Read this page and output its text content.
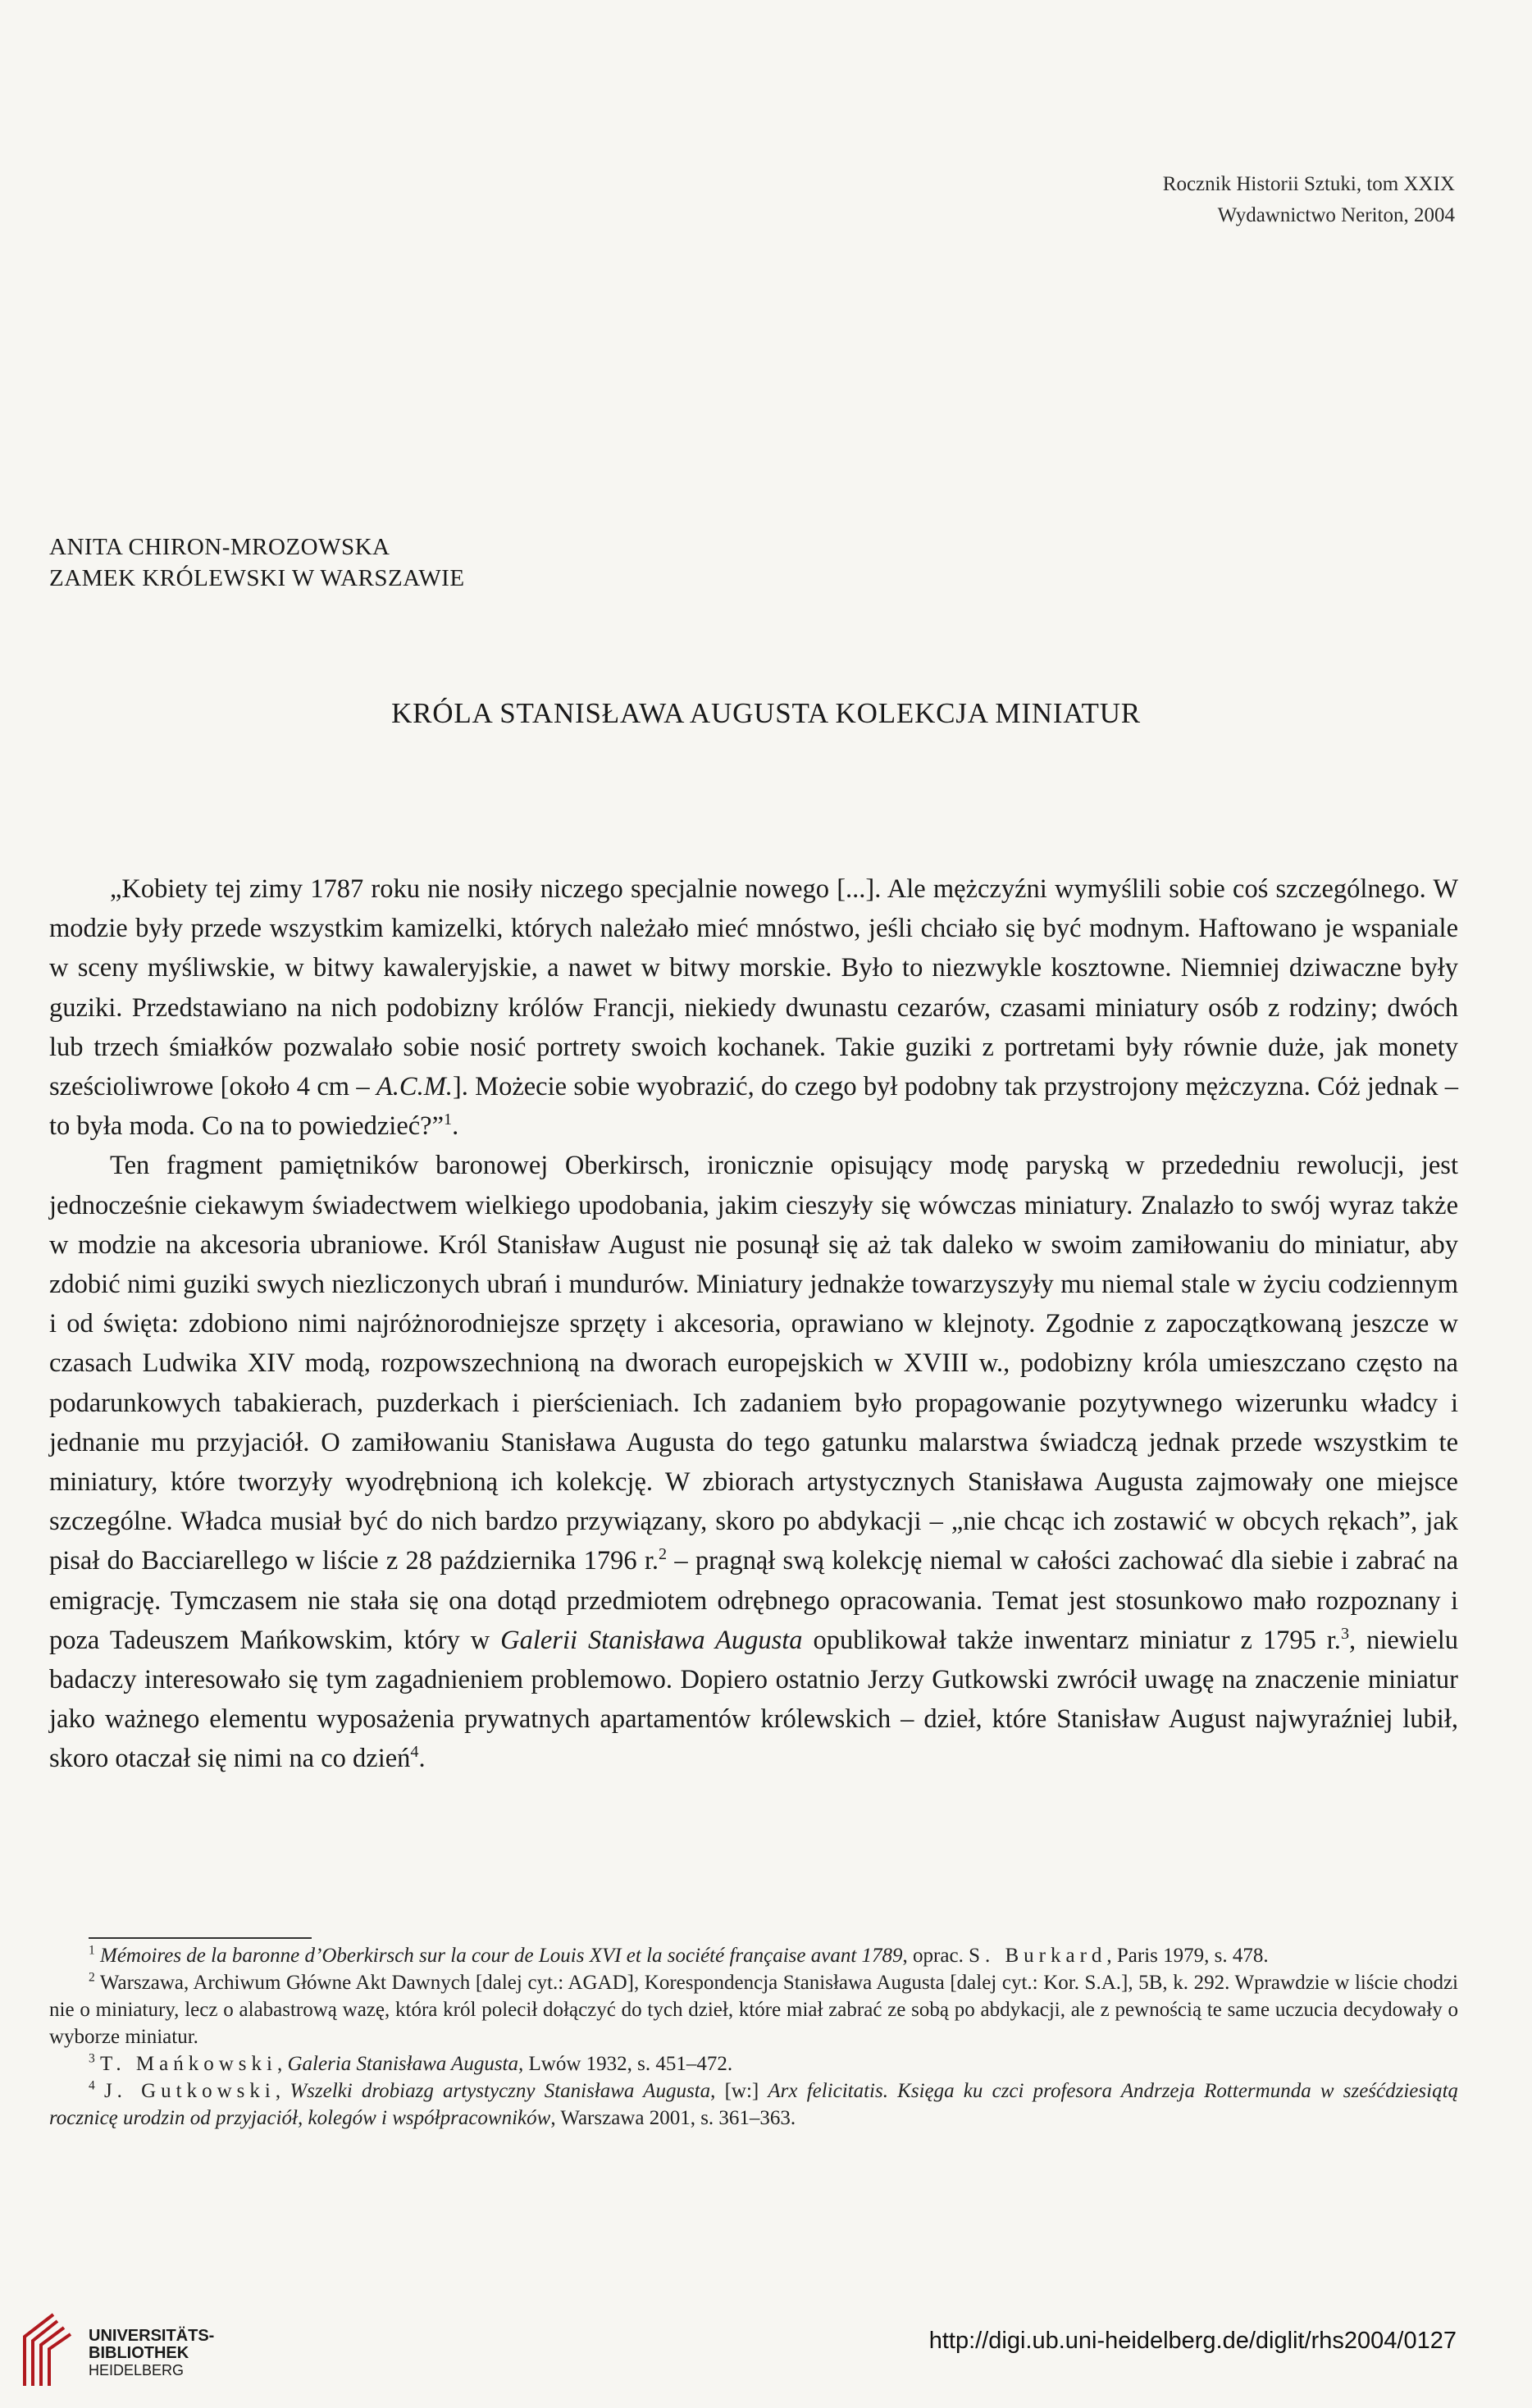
Rocznik Historii Sztuki, tom XXIX
Wydawnictwo Neriton, 2004
ANITA CHIRON-MROZOWSKA
ZAMEK KRÓLEWSKI W WARSZAWIE
KRÓLA STANISŁAWA AUGUSTA KOLEKCJA MINIATUR

„Kobiety tej zimy 1787 roku nie nosiły niczego specjalnie nowego [...]. Ale mężczyźni wymyślili sobie coś szczególnego. W modzie były przede wszystkim kamizelki, których należało mieć mnóstwo, jeśli chciało się być modnym. Haftowano je wspaniale w sceny myśliwskie, w bitwy kawaleryjskie, a nawet w bitwy morskie. Było to niezwykle kosztowne. Niemniej dziwaczne były guziki. Przedstawiano na nich podobizny królów Francji, niekiedy dwunastu cezarów, czasami miniatury osób z rodziny; dwóch lub trzech śmiałków pozwalało sobie nosić portrety swoich kochanek. Takie guziki z portretami były równie duże, jak monety sześcioliwrowe [około 4 cm – A.C.M.]. Możecie sobie wyobrazić, do czego był podobny tak przystrojony mężczyzna. Cóż jednak – to była moda. Co na to powiedzieć?”$^1$.

Ten fragment pamiętników baronowej Oberkirsch, ironicznie opisujący modę paryską w przededniu rewolucji, jest jednocześnie ciekawym świadectwem wielkiego upodobania, jakim cieszyły się wówczas miniatury. Znalazło to swój wyraz także w modzie na akcesoria ubraniowe. Król Stanisław August nie posunął się aż tak daleko w swoim zamiłowaniu do miniatur, aby zdobić nimi guziki swych niezliczonych ubrań i mundurów. Miniatury jednakże towarzyszyły mu niemal stale w życiu codziennym i od święta: zdobiono nimi najróżnorodniejsze sprzęty i akcesoria, oprawiano w klejnoty. Zgodnie z zapoczątkowaną jeszcze w czasach Ludwika XIV modą, rozpowszechnioną na dworach europejskich w XVIII w., podobizny króla umieszczano często na podarunkowych tabakierach, puzderkach i pierścieniach. Ich zadaniem było propagowanie pozytywnego wizerunku władcy i jednanie mu przyjaciół. O zamiłowaniu Stanisława Augusta do tego gatunku malarstwa świadczą jednak przede wszystkim te miniatury, które tworzyły wyodrębnioną ich kolekcję. W zbiorach artystycznych Stanisława Augusta zajmowały one miejsce szczególne. Władca musiał być do nich bardzo przywiązany, skoro po abdykacji – „nie chcąc ich zostawić w obcych rękach”, jak pisał do Bacciarellego w liście z 28 października 1796 r.$^2$ – pragnął swą kolekcję niemal w całości zachować dla siebie i zabrać na emigrację. Tymczasem nie stała się ona dotąd przedmiotem odrębnego opracowania. Temat jest stosunkowo mało rozpoznany i poza Tadeuszem Mańkowskim, który w Galerii Stanisława Augusta opublikował także inwentarz miniatur z 1795 r.$^3$, niewielu badaczy interesowało się tym zagadnieniem problemowo. Dopiero ostatnio Jerzy Gutkowski zwrócił uwagę na znaczenie miniatur jako ważnego elementu wyposażenia prywatnych apartamentów królewskich – dzieł, które Stanisław August najwyraźniej lubił, skoro otaczał się nimi na co dzień$^4$.

$^1$ Mémoires de la baronne d’Oberkirsch sur la cour de Louis XVI et la société française avant 1789, oprac. S. Burkard, Paris 1979, s. 478.

$^2$ Warszawa, Archiwum Główne Akt Dawnych [dalej cyt.: AGAD], Korespondencja Stanisława Augusta [dalej cyt.: Kor. S.A.], 5B, k. 292. Wprawdzie w liście chodzi nie o miniatury, lecz o alabastrową wazę, która król polecił dołączyć do tych dzieł, które miał zabrać ze sobą po abdykacji, ale z pewnością te same uczucia decydowały o wyborze miniatur.

$^3$ T. Mańkowski, Galeria Stanisława Augusta, Lwów 1932, s. 451–472.

$^4$ J. Gutkowski, Wszelki drobiazg artystyczny Stanisława Augusta, [w:] Arx felicitatis. Księga ku czci profesora Andrzeja Rottermunda w sześćdziesiątą rocznicę urodzin od przyjaciół, kolegów i współpracowników, Warszawa 2001, s. 361–363.

UNIVERSITÄTS-
BIBLIOTHEK
HEIDELBERG
http://digi.ub.uni-heidelberg.de/diglit/rhs2004/0127
